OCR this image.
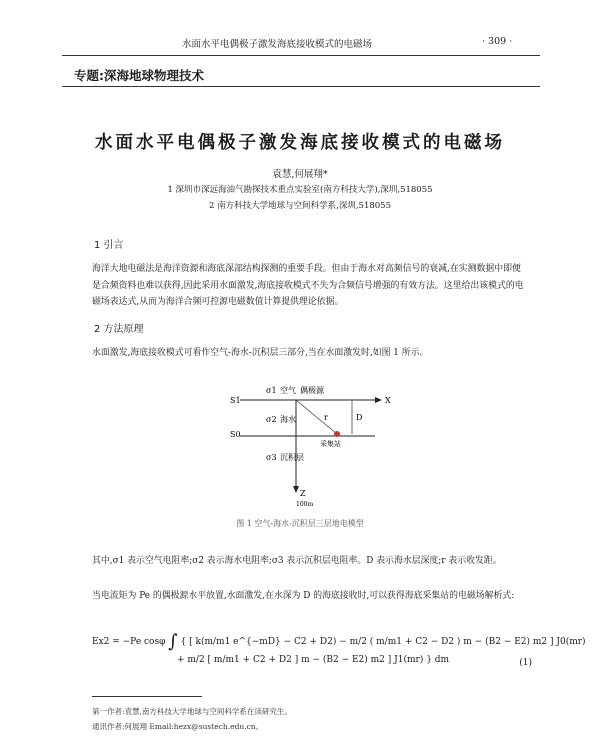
水面水平电偶极子激发海底接收模式的电磁场	· 309 ·
专题:深海地球物理技术
水面水平电偶极子激发海底接收模式的电磁场
袁慧,何展翔*
1 深圳市深远海油气勘探技术重点实验室(南方科技大学),深圳,518055
2 南方科技大学地球与空间科学系,深圳,518055
1 引言
海洋大地电磁法是海洋资源和海底深部结构探测的重要手段。但由于海水对高频信号的衰减,在实测数据中即便是合频资料也难以获得,因此采用水面激发,海底接收模式不失为合频信号增强的有效方法。这里给出该模式的电磁场表达式,从而为海洋合频可控源电磁数值计算提供理论依据。
2 方法原理
水面激发,海底接收模式可看作空气-海水-沉积层三部分,当在水面激发时,如图 1 所示。
σ1 空气 偶极源
S1	X
σ2 海水	r	D
S0
采集站
σ3 沉积层
Z
100m
图 1 空气-海水-沉积层三层地电模型
其中,σ1 表示空气电阻率;σ2 表示海水电阻率;σ3 表示沉积层电阻率。D 表示海水层深度;r 表示收发距。
当电流矩为 Pe 的偶极源水平放置,水面激发,在水深为 D 的海底接收时,可以获得海底采集站的电磁场解析式:
Ex2 = −Pe cosφ ∫ { [ k(m/m1 e^{−mD} − C2 + D2) − m/2 ( m/m1 + C2 − D2 ) m − (B2 − E2) m2 ] J0(mr)
+ m/2 [ m/m1 + C2 + D2 ] m − (B2 − E2) m2 ] J1(mr) } dm	(1)
第一作者:袁慧,南方科技大学地球与空间科学系在读研究生。
通讯作者:何展翔 Email:hezx@sustech.edu.cn。
